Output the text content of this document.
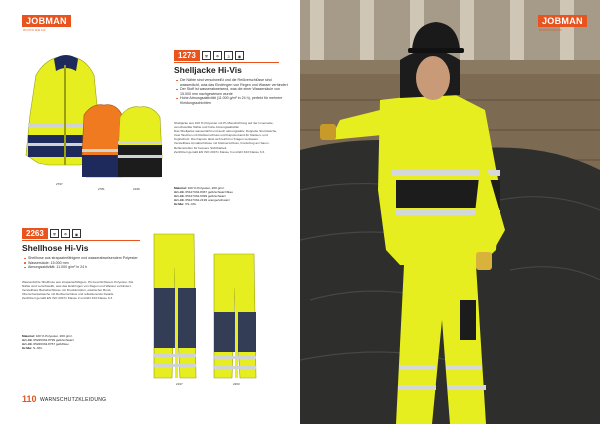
JOBMAN
WORKWEAR
2797
2781	2199
1273	⛨	☂	3	◉
Shelljacke Hi-Vis
Die Nähte sind verschweißt und die Reißverschlüsse sind wasserdicht, was das Eindringen von Regen und Wasser verhindert
Der Stoff ist wasserabweisend, was die einer Wassersäule von 15.000 mm nachgewiesen wurde
Hohe Atmungsaktivität (11.000 g/m² in 24 h), perfekt für mehrere Kleidungsschichten

Shelljacke aus 100 % Polyester mit PU-Beschichtung auf der Innenseite, verschweißte Nähte und hohe Atmungsaktivität.

Das Shelljacke wasserdicht und auch atmungsaktiv. Doppelte Sturmlasche, zwei Taschen mit Reißverschluss und Kapuzenrand für Nacken- und Kopfschutz. Die Kapuze lässt sich leicht im Kragen verstauen.

Verstellbare Armabschlüsse mit Klettverschluss, Kordelzug am Saum. Reflexstreifen für bessere Sichtbarkeit.

Zertifiziert gemäß EN ISO 20471 Klasse 3 und EN 343 Klasse 3:3.

Material: 100 % Polyester, 200 g/m².
Art.-Nr. 65127334-8367 gelb/schwarz/blau
Art.-Nr. 65127334-6399 gelb/schwarz
Art.-Nr. 65127334-2199 orange/schwarz
Größe: XS–3XL
2263	⛨	☂	◉
Shellhose Hi-Vis
Shellhose aus strapazierfähigem und wasserabweisendem Polyester
Wassersäule: 15.000 mm
Atmungsaktivität: 11.000 g/m² in 24 h

Wasserdichte Shellhose aus strapazierfähigem, PU-beschichtetem Polyester. Die Nähte sind verschweißt, was das Eindringen von Regen und Wasser verhindert.

Verstellbare Beinabschlüsse mit Druckknöpfen, elastischer Bund, Oberschenkeltasche mit Reißverschluss und reflektierende Details.

Zertifiziert gemäß EN ISO 20471 Klasse 2 und EN 343 Klasse 3:3.

Material: 100 % Polyester, 200 g/m².
Art.-Nr. 65226334-8799 gelb/schwarz
Art.-Nr. 65226334-8767 gelb/blau
Größe: S–3XL
2197	2263
110 WARNSCHUTZKLEIDUNG
JOBMAN
WORKWEAR
